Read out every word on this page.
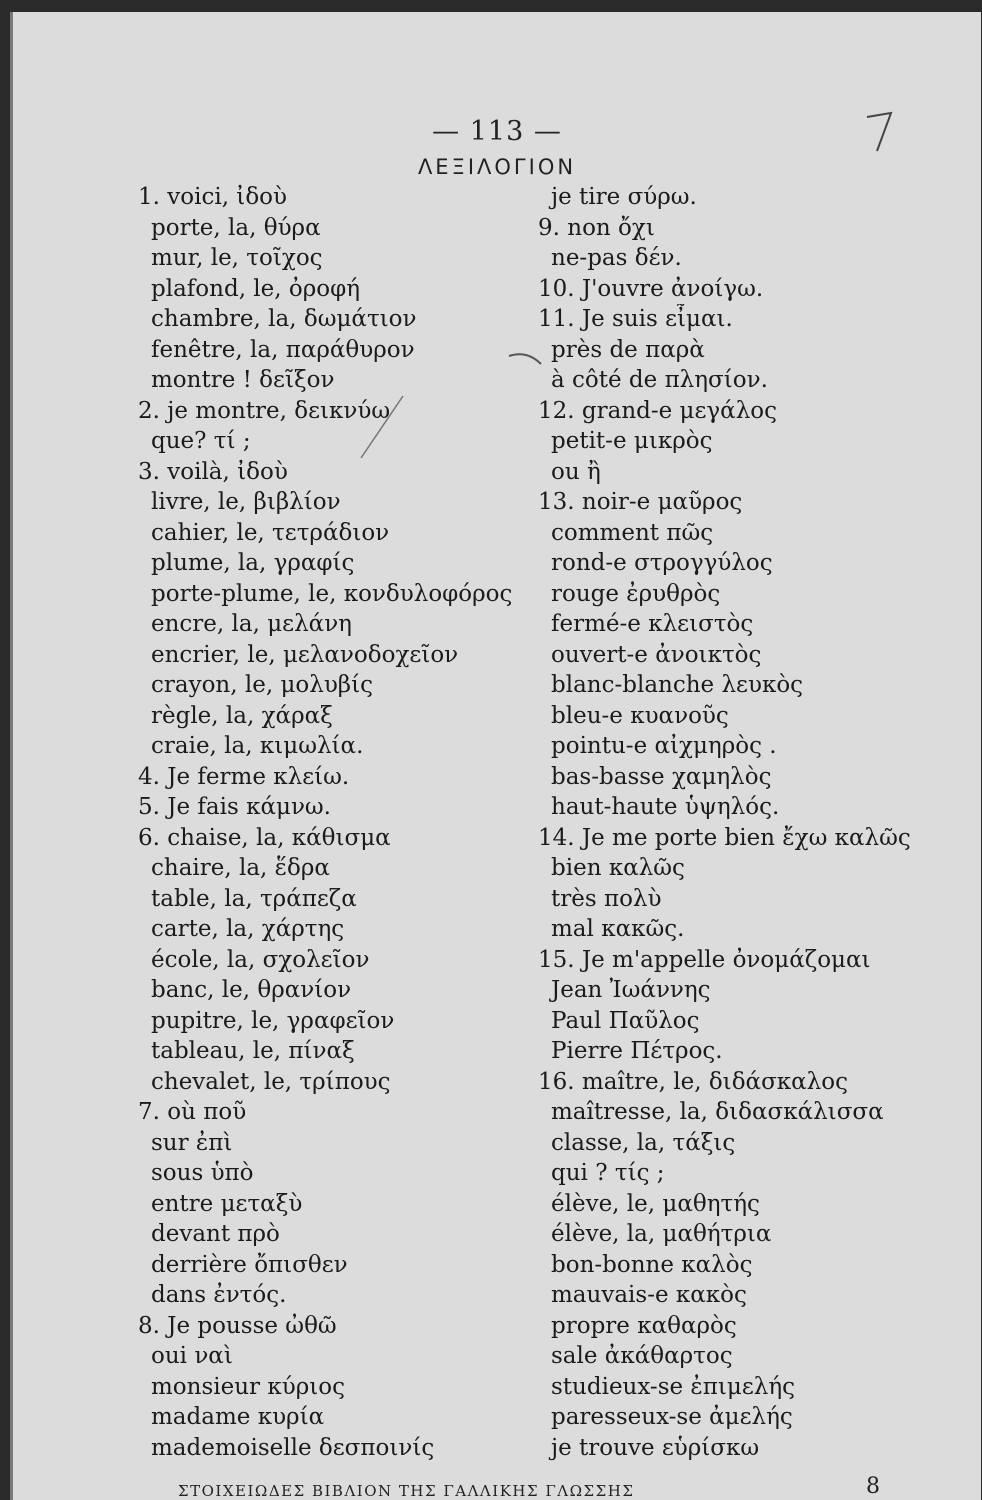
— 113 —
ΛΕΞΙΛΟΓΙΟΝ
1. voici, ἰδοὺ
porte, la, θύρα
mur, le, τοῖχος
plafond, le, ὀροφή
chambre, la, δωμάτιον
fenêtre, la, παράθυρον
montre ! δεῖξον
2. je montre, δεικνύω
que? τί ;
3. voilà, ἰδοὺ
livre, le, βιβλίον
cahier, le, τετράδιον
plume, la, γραφίς
porte-plume, le, κονδυλοφόρος
encre, la, μελάνη
encrier, le, μελανοδοχεῖον
crayon, le, μολυβίς
règle, la, χάραξ
craie, la, κιμωλία.
4. Je ferme κλείω.
5. Je fais κάμνω.
6. chaise, la, κάθισμα
chaire, la, ἕδρα
table, la, τράπεζα
carte, la, χάρτης
école, la, σχολεῖον
banc, le, θρανίον
pupitre, le, γραφεῖον
tableau, le, πίναξ
chevalet, le, τρίπους
7. où ποῦ
sur ἐπὶ
sous ὑπὸ
entre μεταξὺ
devant πρὸ
derrière ὄπισθεν
dans ἐντός.
8. Je pousse ὠθῶ
oui ναὶ
monsieur κύριος
madame κυρία
mademoiselle δεσποινίς
je tire σύρω.
9. non ὄχι
ne-pas δέν.
10. J'ouvre ἀνοίγω.
11. Je suis εἶμαι.
près de παρὰ
à côté de πλησίον.
12. grand-e μεγάλος
petit-e μικρὸς
ou ἢ
13. noir-e μαῦρος
comment πῶς
rond-e στρογγύλος
rouge ἐρυθρὸς
fermé-e κλειστὸς
ouvert-e ἀνοικτὸς
blanc-blanche λευκὸς
bleu-e κυανοῦς
pointu-e αἰχμηρὸς .
bas-basse χαμηλὸς
haut-haute ὑψηλός.
14. Je me porte bien ἔχω καλῶς
bien καλῶς
très πολὺ
mal κακῶς.
15. Je m'appelle ὀνομάζομαι
Jean Ἰωάννης
Paul Παῦλος
Pierre Πέτρος.
16. maître, le, διδάσκαλος
maîtresse, la, διδασκάλισσα
classe, la, τάξις
qui ? τίς ;
élève, le, μαθητής
élève, la, μαθήτρια
bon-bonne καλὸς
mauvais-e κακὸς
propre καθαρὸς
sale ἀκάθαρτος
studieux-se ἐπιμελής
paresseux-se ἀμελής
je trouve εὑρίσκω
ΣΤΟΙΧΕΙΩΔΕΣ ΒΙΒΛΙΟΝ ΤΗΣ ΓΑΛΛΙΚΗΣ ΓΛΩΣΣΗΣ	8
